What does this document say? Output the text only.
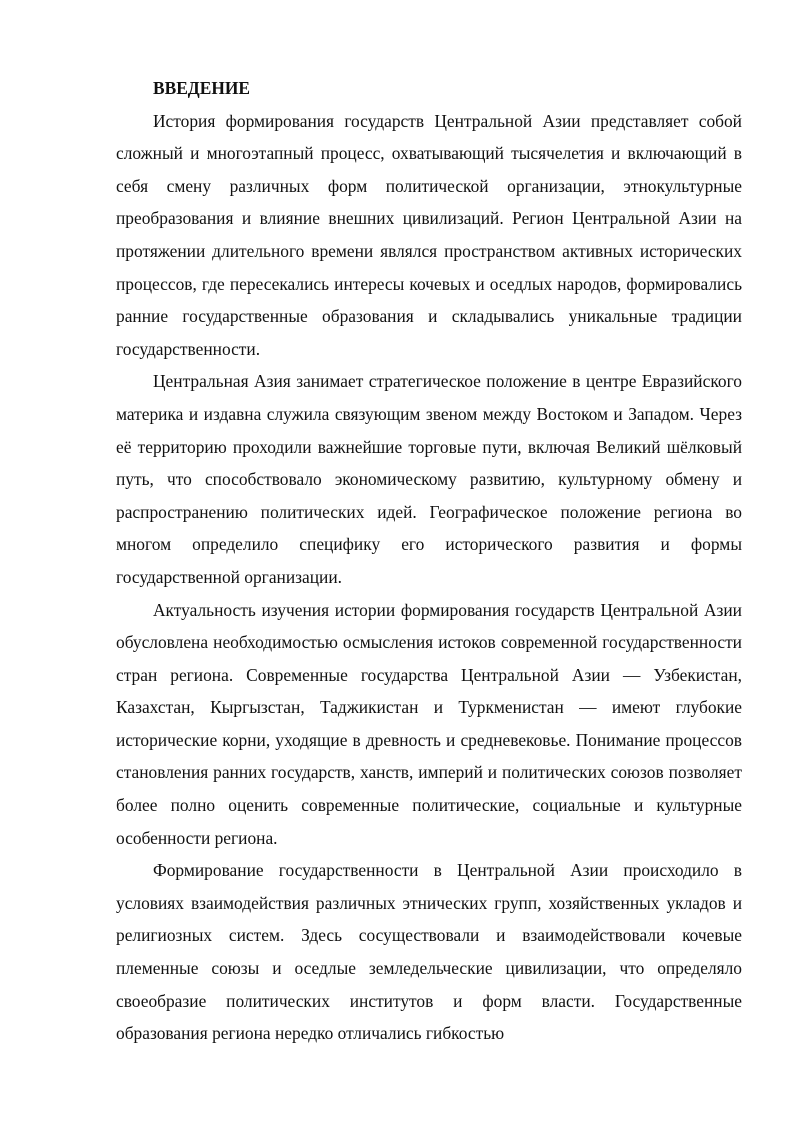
ВВЕДЕНИЕ

История формирования государств Центральной Азии представляет собой сложный и многоэтапный процесс, охватывающий тысячелетия и включающий в себя смену различных форм политической организации, этнокультурные преобразования и влияние внешних цивилизаций. Регион Центральной Азии на протяжении длительного времени являлся пространством активных исторических процессов, где пересекались интересы кочевых и оседлых народов, формировались ранние государственные образования и складывались уникальные традиции государственности.

Центральная Азия занимает стратегическое положение в центре Евразийского материка и издавна служила связующим звеном между Востоком и Западом. Через её территорию проходили важнейшие торговые пути, включая Великий шёлковый путь, что способствовало экономическому развитию, культурному обмену и распространению политических идей. Географическое положение региона во многом определило специфику его исторического развития и формы государственной организации.

Актуальность изучения истории формирования государств Центральной Азии обусловлена необходимостью осмысления истоков современной государственности стран региона. Современные государства Центральной Азии — Узбекистан, Казахстан, Кыргызстан, Таджикистан и Туркменистан — имеют глубокие исторические корни, уходящие в древность и средневековье. Понимание процессов становления ранних государств, ханств, империй и политических союзов позволяет более полно оценить современные политические, социальные и культурные особенности региона.

Формирование государственности в Центральной Азии происходило в условиях взаимодействия различных этнических групп, хозяйственных укладов и религиозных систем. Здесь сосуществовали и взаимодействовали кочевые племенные союзы и оседлые земледельческие цивилизации, что определяло своеобразие политических институтов и форм власти. Государственные образования региона нередко отличались гибкостью
